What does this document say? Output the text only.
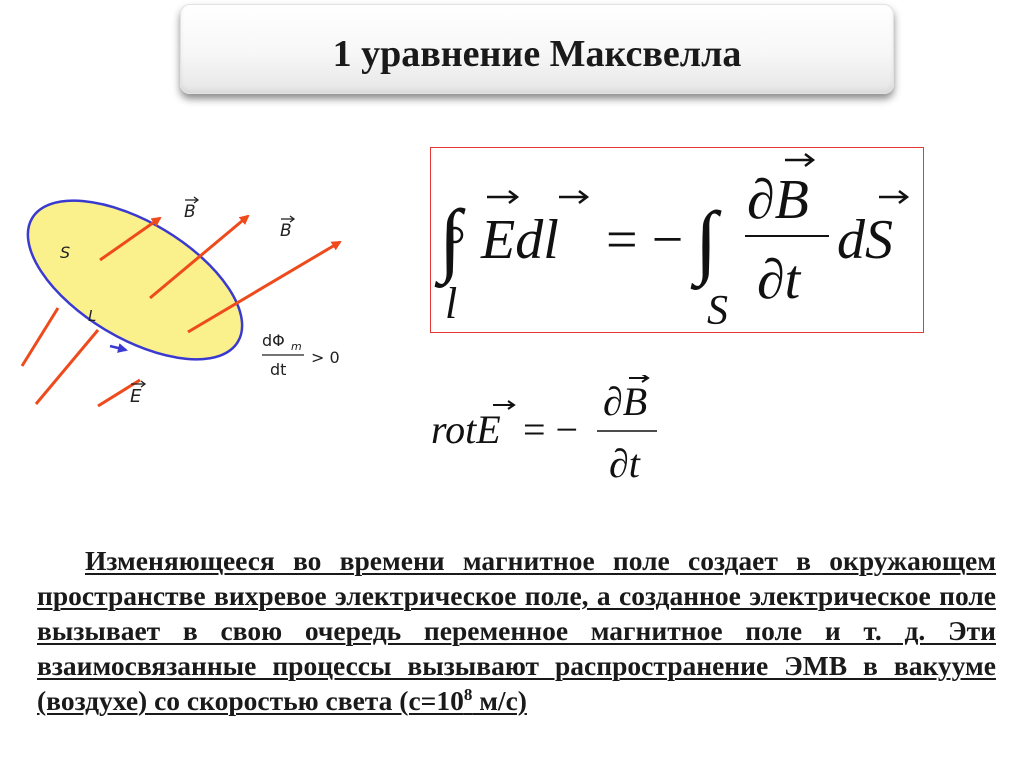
1 уравнение Максвелла
S
L
B
B
E
dΦ m
dt
> 0
∫
l
Edl = − ∫
S
∂B
∂t
dS
rotE = −
∂B
∂t

Изменяющееся во времени магнитное поле создает в окружающем пространстве вихревое электрическое поле, а созданное электрическое поле вызывает в свою очередь переменное магнитное поле и т. д. Эти взаимосвязанные процессы вызывают распространение ЭМВ в вакууме (воздухе) со скоростью света ($с=10^8$ м/с)
